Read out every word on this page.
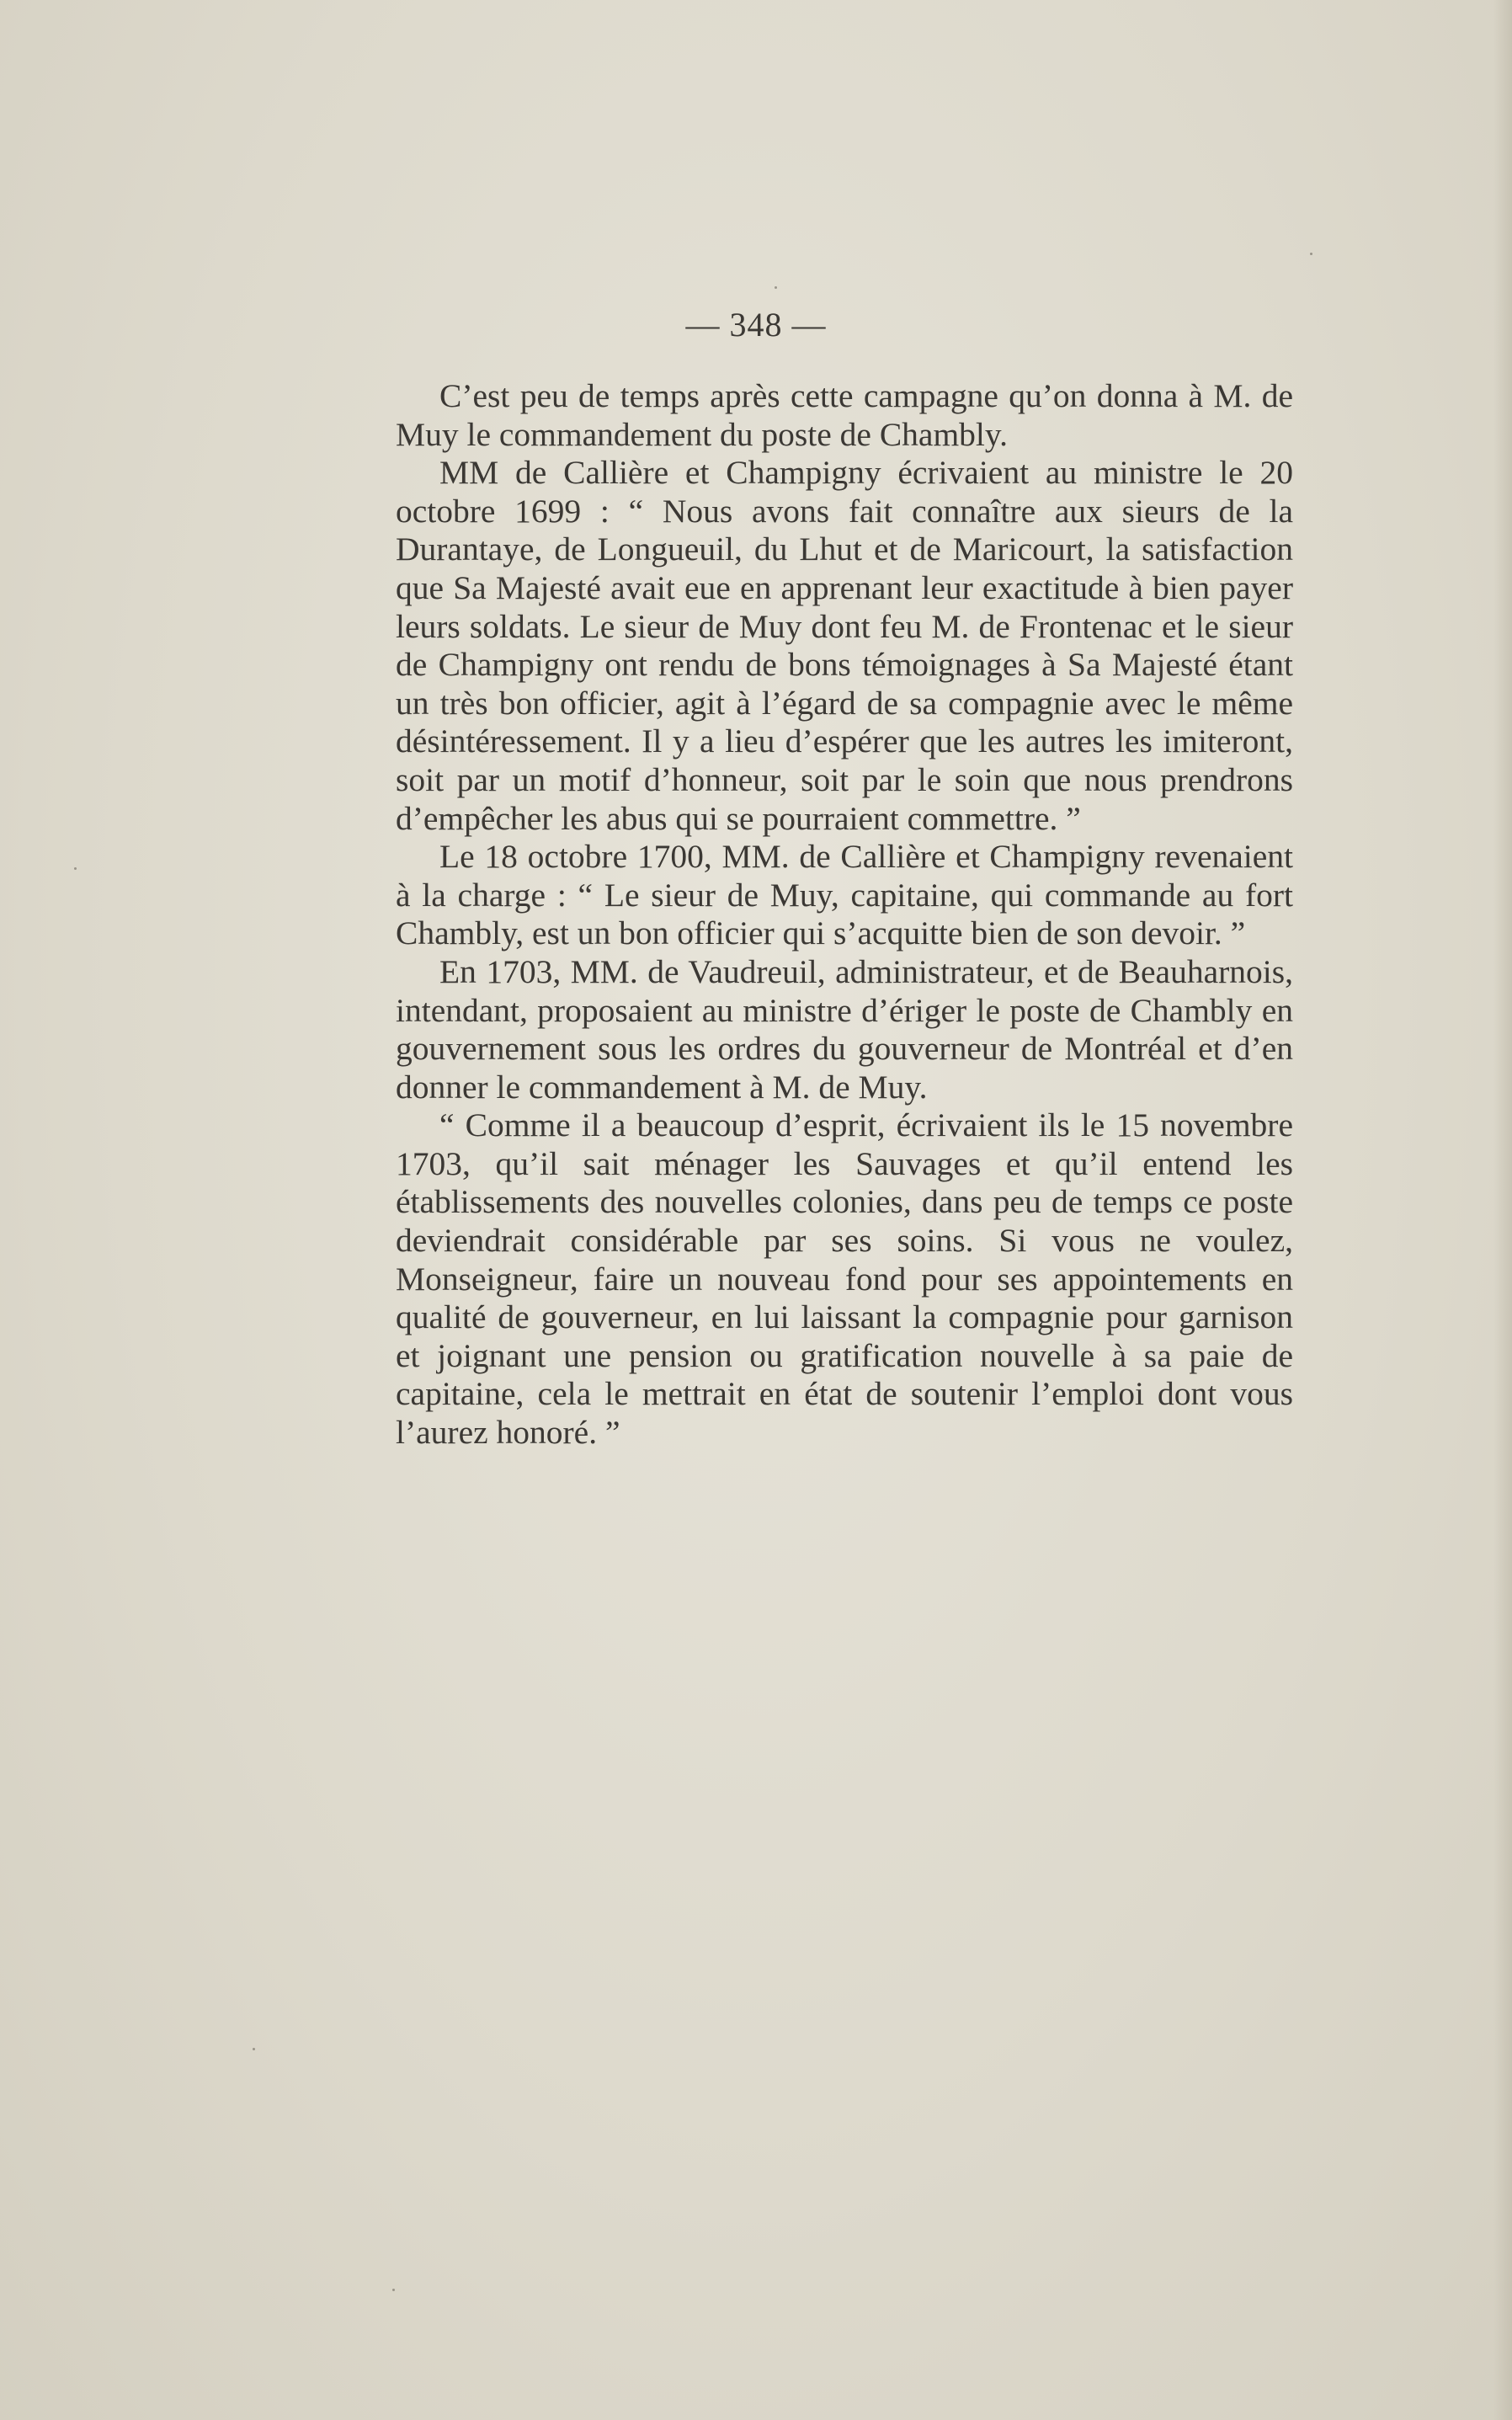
— 348 —

C’est peu de temps après cette campagne qu’on donna à M. de Muy le commandement du poste de Chambly.

MM de Callière et Champigny écrivaient au ministre le 20 octobre 1699 : “ Nous avons fait connaître aux sieurs de la Durantaye, de Longueuil, du Lhut et de Maricourt, la satisfaction que Sa Majesté avait eue en apprenant leur exactitude à bien payer leurs soldats. Le sieur de Muy dont feu M. de Frontenac et le sieur de Champigny ont rendu de bons témoignages à Sa Majesté étant un très bon officier, agit à l’égard de sa compagnie avec le même désintéressement. Il y a lieu d’espérer que les autres les imiteront, soit par un motif d’honneur, soit par le soin que nous prendrons d’empêcher les abus qui se pourraient commettre. ”

Le 18 octobre 1700, MM. de Callière et Champigny revenaient à la charge : “ Le sieur de Muy, capitaine, qui commande au fort Chambly, est un bon officier qui s’acquitte bien de son devoir. ”

En 1703, MM. de Vaudreuil, administrateur, et de Beauharnois, intendant, proposaient au ministre d’ériger le poste de Chambly en gouvernement sous les ordres du gouverneur de Montréal et d’en donner le commandement à M. de Muy.

“ Comme il a beaucoup d’esprit, écrivaient ils le 15 novembre 1703, qu’il sait ménager les Sauvages et qu’il entend les établissements des nouvelles colonies, dans peu de temps ce poste deviendrait considérable par ses soins. Si vous ne voulez, Monseigneur, faire un nouveau fond pour ses appointements en qualité de gouverneur, en lui laissant la compagnie pour garnison et joignant une pension ou gratification nouvelle à sa paie de capitaine, cela le mettrait en état de soutenir l’emploi dont vous l’aurez honoré. ”
